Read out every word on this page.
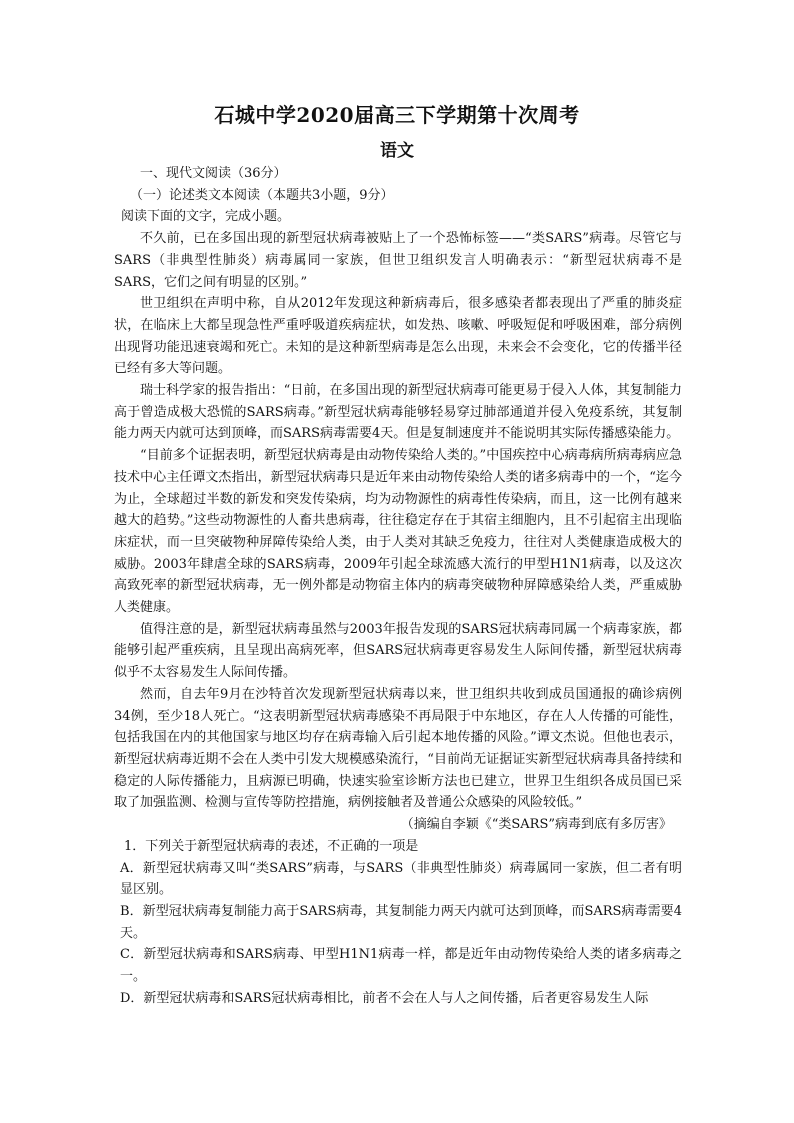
石城中学2020届高三下学期第十次周考
语文

一、现代文阅读（36分）

（一）论述类文本阅读（本题共3小题，9分）

阅读下面的文字，完成小题。

不久前，已在多国出现的新型冠状病毒被贴上了一个恐怖标签——“类SARS”病毒。尽管它与SARS（非典型性肺炎）病毒属同一家族，但世卫组织发言人明确表示：“新型冠状病毒不是SARS，它们之间有明显的区别。”

世卫组织在声明中称，自从2012年发现这种新病毒后，很多感染者都表现出了严重的肺炎症状，在临床上大都呈现急性严重呼吸道疾病症状，如发热、咳嗽、呼吸短促和呼吸困难，部分病例出现肾功能迅速衰竭和死亡。未知的是这种新型病毒是怎么出现，未来会不会变化，它的传播半径已经有多大等问题。

瑞士科学家的报告指出：“日前，在多国出现的新型冠状病毒可能更易于侵入人体，其复制能力高于曾造成极大恐慌的SARS病毒。”新型冠状病毒能够轻易穿过肺部通道并侵入免疫系统，其复制能力两天内就可达到顶峰，而SARS病毒需要4天。但是复制速度并不能说明其实际传播感染能力。

“目前多个证据表明，新型冠状病毒是由动物传染给人类的。”中国疾控中心病毒病所病毒病应急技术中心主任谭文杰指出，新型冠状病毒只是近年来由动物传染给人类的诸多病毒中的一个，“迄今为止，全球超过半数的新发和突发传染病，均为动物源性的病毒性传染病，而且，这一比例有越来越大的趋势。”这些动物源性的人畜共患病毒，往往稳定存在于其宿主细胞内，且不引起宿主出现临床症状，而一旦突破物种屏障传染给人类，由于人类对其缺乏免疫力，往往对人类健康造成极大的威胁。2003年肆虐全球的SARS病毒，2009年引起全球流感大流行的甲型H1N1病毒，以及这次高致死率的新型冠状病毒，无一例外都是动物宿主体内的病毒突破物种屏障感染给人类，严重威胁人类健康。

值得注意的是，新型冠状病毒虽然与2003年报告发现的SARS冠状病毒同属一个病毒家族，都能够引起严重疾病，且呈现出高病死率，但SARS冠状病毒更容易发生人际间传播，新型冠状病毒似乎不太容易发生人际间传播。

然而，自去年9月在沙特首次发现新型冠状病毒以来，世卫组织共收到成员国通报的确诊病例34例，至少18人死亡。“这表明新型冠状病毒感染不再局限于中东地区，存在人人传播的可能性，包括我国在内的其他国家与地区均存在病毒输入后引起本地传播的风险。”谭文杰说。但他也表示，新型冠状病毒近期不会在人类中引发大规模感染流行，“目前尚无证据证实新型冠状病毒具备持续和稳定的人际传播能力，且病源已明确，快速实验室诊断方法也已建立，世界卫生组织各成员国已采取了加强监测、检测与宣传等防控措施，病例接触者及普通公众感染的风险较低。”

（摘编自李颖《“类SARS”病毒到底有多厉害》

1．下列关于新型冠状病毒的表述，不正确的一项是

A．新型冠状病毒又叫“类SARS”病毒，与SARS（非典型性肺炎）病毒属同一家族，但二者有明显区别。

B．新型冠状病毒复制能力高于SARS病毒，其复制能力两天内就可达到顶峰，而SARS病毒需要4天。

C．新型冠状病毒和SARS病毒、甲型H1N1病毒一样，都是近年由动物传染给人类的诸多病毒之一。

D．新型冠状病毒和SARS冠状病毒相比，前者不会在人与人之间传播，后者更容易发生人际
